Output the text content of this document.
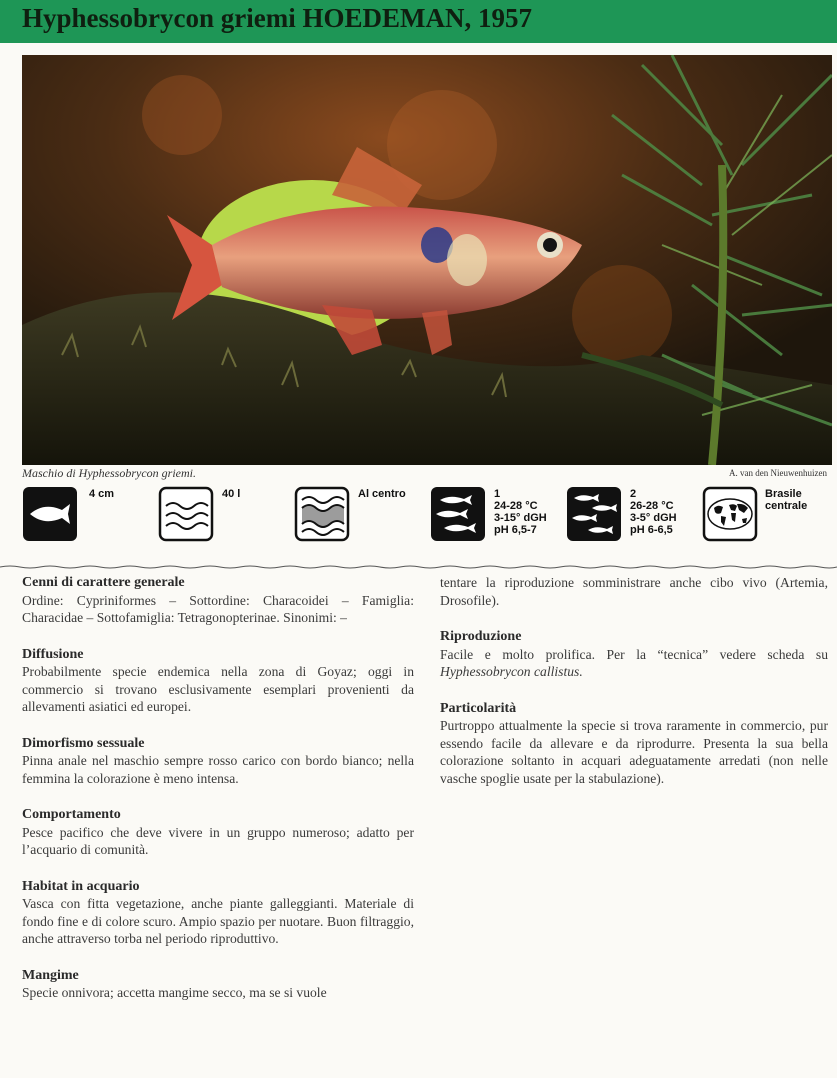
Hyphessobrycon griemi HOEDEMAN, 1957
Maschio di Hyphessobrycon griemi.	A. van den Nieuwenhuizen
4 cm	40 l	Al centro	1
24-28 °C
3-15° dGH
pH 6,5-7
2
26-28 °C
3-5° dGH
pH 6-6,5
Brasile
centrale
Cenni di carattere generale

Ordine: Cypriniformes – Sottordine: Characoidei – Famiglia: Characidae – Sottofamiglia: Tetragonopterinae. Sinonimi: –

Diffusione

Probabilmente specie endemica nella zona di Goyaz; oggi in commercio si trovano esclusivamente esemplari provenienti da allevamenti asiatici ed europei.

Dimorfismo sessuale

Pinna anale nel maschio sempre rosso carico con bordo bianco; nella femmina la colorazione è meno intensa.

Comportamento

Pesce pacifico che deve vivere in un gruppo numeroso; adatto per l’acquario di comunità.

Habitat in acquario

Vasca con fitta vegetazione, anche piante galleggianti. Materiale di fondo fine e di colore scuro. Ampio spazio per nuotare. Buon filtraggio, anche attraverso torba nel periodo riproduttivo.

Mangime

Specie onnivora; accetta mangime secco, ma se si vuole

tentare la riproduzione somministrare anche cibo vivo (Artemia, Drosofile).

Riproduzione

Facile e molto prolifica. Per la “tecnica” vedere scheda su Hyphessobrycon callistus.

Particolarità

Purtroppo attualmente la specie si trova raramente in commercio, pur essendo facile da allevare e da riprodurre. Presenta la sua bella colorazione soltanto in acquari adeguatamente arredati (non nelle vasche spoglie usate per la stabulazione).
